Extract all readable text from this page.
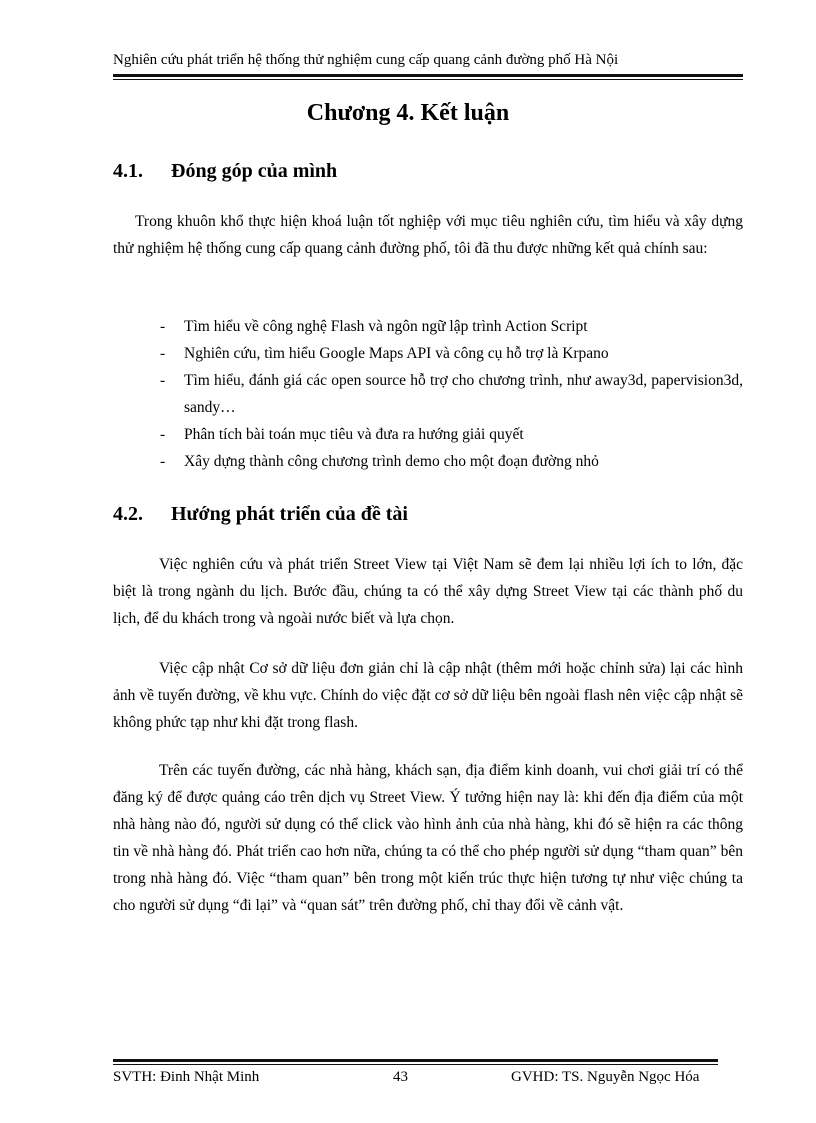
Nghiên cứu phát triển hệ thống thử nghiệm cung cấp quang cảnh đường phố Hà Nội
Chương 4. Kết luận
4.1. Đóng góp của mình

Trong khuôn khổ thực hiện khoá luận tốt nghiệp với mục tiêu nghiên cứu, tìm hiểu và xây dựng thử nghiệm hệ thống cung cấp quang cảnh đường phố, tôi đã thu được những kết quả chính sau:

- Tìm hiểu về công nghệ Flash và ngôn ngữ lập trình Action Script
- Nghiên cứu, tìm hiểu Google Maps API và công cụ hỗ trợ là Krpano
- Tìm hiểu, đánh giá các open source hỗ trợ cho chương trình, như away3d, papervision3d, sandy…
- Phân tích bài toán mục tiêu và đưa ra hướng giải quyết
- Xây dựng thành công chương trình demo cho một đoạn đường nhỏ
4.2. Hướng phát triển của đề tài

Việc nghiên cứu và phát triển Street View tại Việt Nam sẽ đem lại nhiều lợi ích to lớn, đặc biệt là trong ngành du lịch. Bước đầu, chúng ta có thể xây dựng Street View tại các thành phố du lịch, để du khách trong và ngoài nước biết và lựa chọn.

Việc cập nhật Cơ sở dữ liệu đơn giản chỉ là cập nhật (thêm mới hoặc chỉnh sửa) lại các hình ảnh về tuyến đường, về khu vực. Chính do việc đặt cơ sở dữ liệu bên ngoài flash nên việc cập nhật sẽ không phức tạp như khi đặt trong flash.

Trên các tuyến đường, các nhà hàng, khách sạn, địa điểm kinh doanh, vui chơi giải trí có thể đăng ký để được quảng cáo trên dịch vụ Street View. Ý tưởng hiện nay là: khi đến địa điểm của một nhà hàng nào đó, người sử dụng có thể click vào hình ảnh của nhà hàng, khi đó sẽ hiện ra các thông tin về nhà hàng đó. Phát triển cao hơn nữa, chúng ta có thể cho phép người sử dụng “tham quan” bên trong nhà hàng đó. Việc “tham quan” bên trong một kiến trúc thực hiện tương tự như việc chúng ta cho người sử dụng “đi lại” và “quan sát” trên đường phố, chỉ thay đổi về cảnh vật.

SVTH: Đinh Nhật Minh	43	GVHD: TS. Nguyễn Ngọc Hóa
